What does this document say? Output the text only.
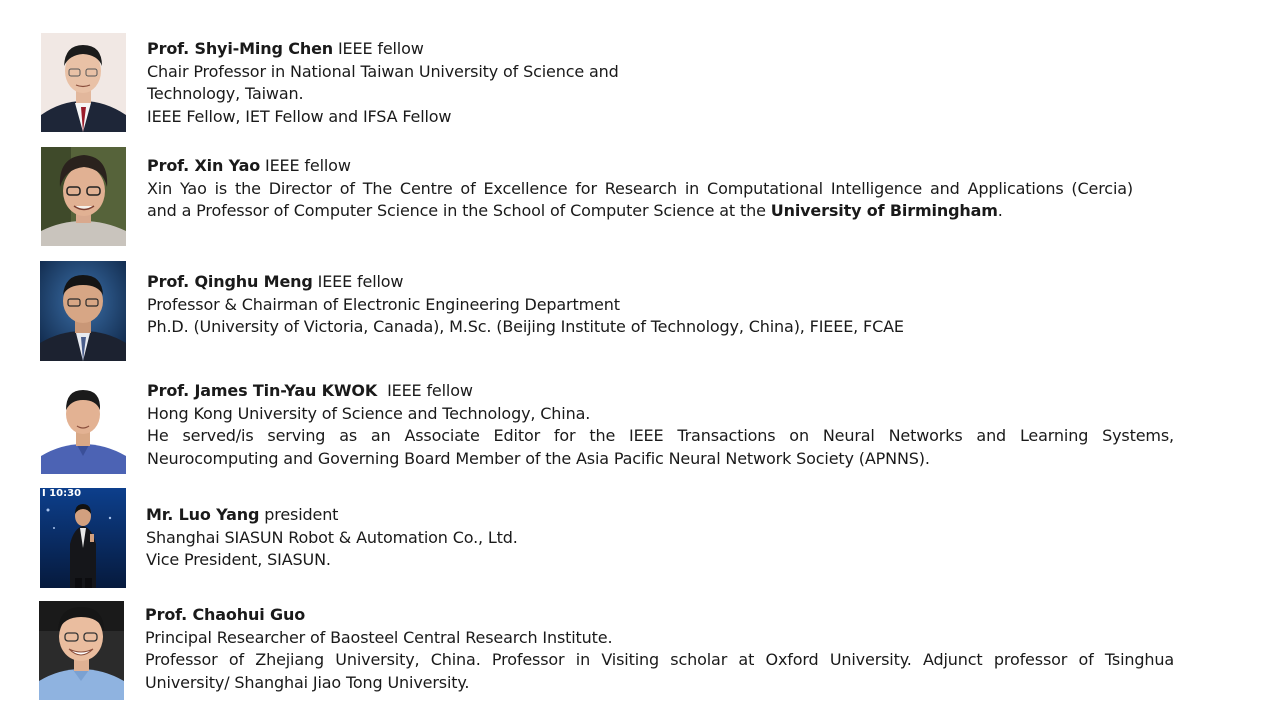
Prof. Shyi-Ming Chen IEEE fellow
Chair Professor in National Taiwan University of Science and
Technology, Taiwan.
IEEE Fellow, IET Fellow and IFSA Fellow
Prof. Xin Yao IEEE fellow
Xin Yao is the Director of The Centre of Excellence for Research in Computational Intelligence and Applications (Cercia)
and a Professor of Computer Science in the School of Computer Science at the University of Birmingham.
Prof. Qinghu Meng IEEE fellow
Professor & Chairman of Electronic Engineering Department
Ph.D. (University of Victoria, Canada), M.Sc. (Beijing Institute of Technology, China), FIEEE, FCAE
Prof. James Tin-Yau KWOK IEEE fellow
Hong Kong University of Science and Technology, China.
He served/is serving as an Associate Editor for the IEEE Transactions on Neural Networks and Learning Systems,
Neurocomputing and Governing Board Member of the Asia Pacific Neural Network Society (APNNS).
I 10:30
Mr. Luo Yang president
Shanghai SIASUN Robot & Automation Co., Ltd.
Vice President, SIASUN.
Prof. Chaohui Guo
Principal Researcher of Baosteel Central Research Institute.
Professor of Zhejiang University, China. Professor in Visiting scholar at Oxford University. Adjunct professor of Tsinghua
University/ Shanghai Jiao Tong University.
